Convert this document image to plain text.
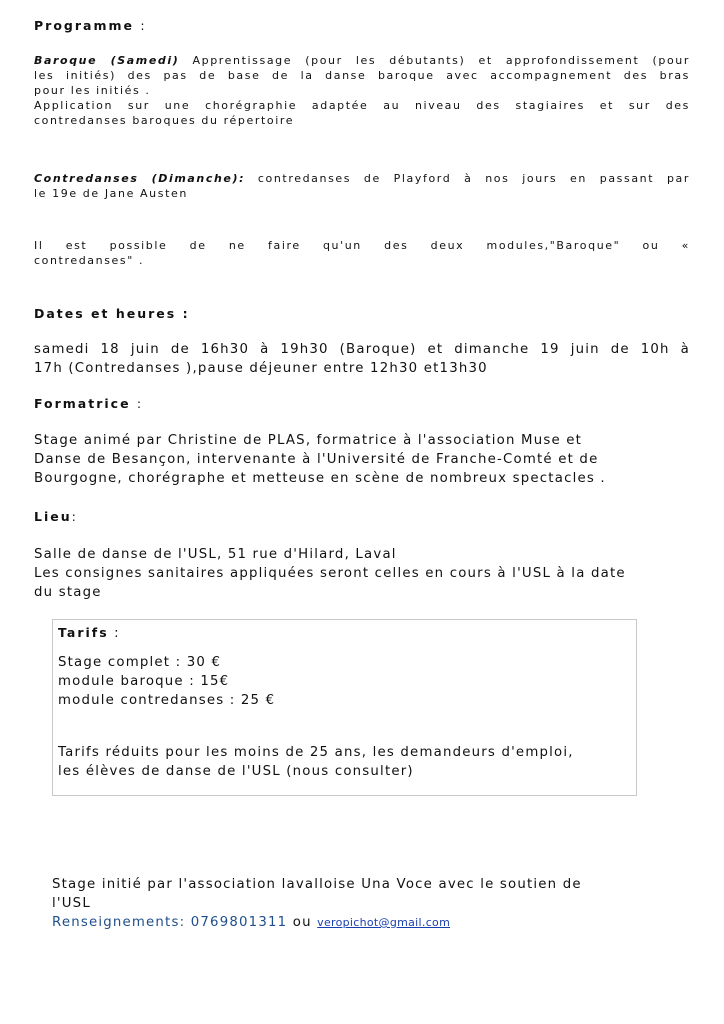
Programme :
Baroque (Samedi) Apprentissage (pour les débutants) et approfondissement (pour
les initiés) des pas de base de la danse baroque avec accompagnement des bras
pour les initiés .
Application sur une chorégraphie adaptée au niveau des stagiaires et sur des
contredanses baroques du répertoire
Contredanses (Dimanche): contredanses de Playford à nos jours en passant par
le 19e de Jane Austen
Il est possible de ne faire qu'un des deux modules,"Baroque" ou «
contredanses" .
Dates et heures :
samedi 18 juin de 16h30 à 19h30 (Baroque) et dimanche 19 juin de 10h à
17h (Contredanses ),pause déjeuner entre 12h30 et13h30
Formatrice :
Stage animé par Christine de PLAS, formatrice à l'association Muse et
Danse de Besançon, intervenante à l'Université de Franche-Comté et de
Bourgogne, chorégraphe et metteuse en scène de nombreux spectacles .
Lieu:
Salle de danse de l'USL, 51 rue d'Hilard, Laval
Les consignes sanitaires appliquées seront celles en cours à l'USL à la date
du stage
Tarifs :
Stage complet : 30 €
module baroque : 15€
module contredanses : 25 €
Tarifs réduits pour les moins de 25 ans, les demandeurs d'emploi,
les élèves de danse de l'USL (nous consulter)
Stage initié par l'association lavalloise Una Voce avec le soutien de
l'USL
Renseignements: 0769801311 ou veropichot@gmail.com
